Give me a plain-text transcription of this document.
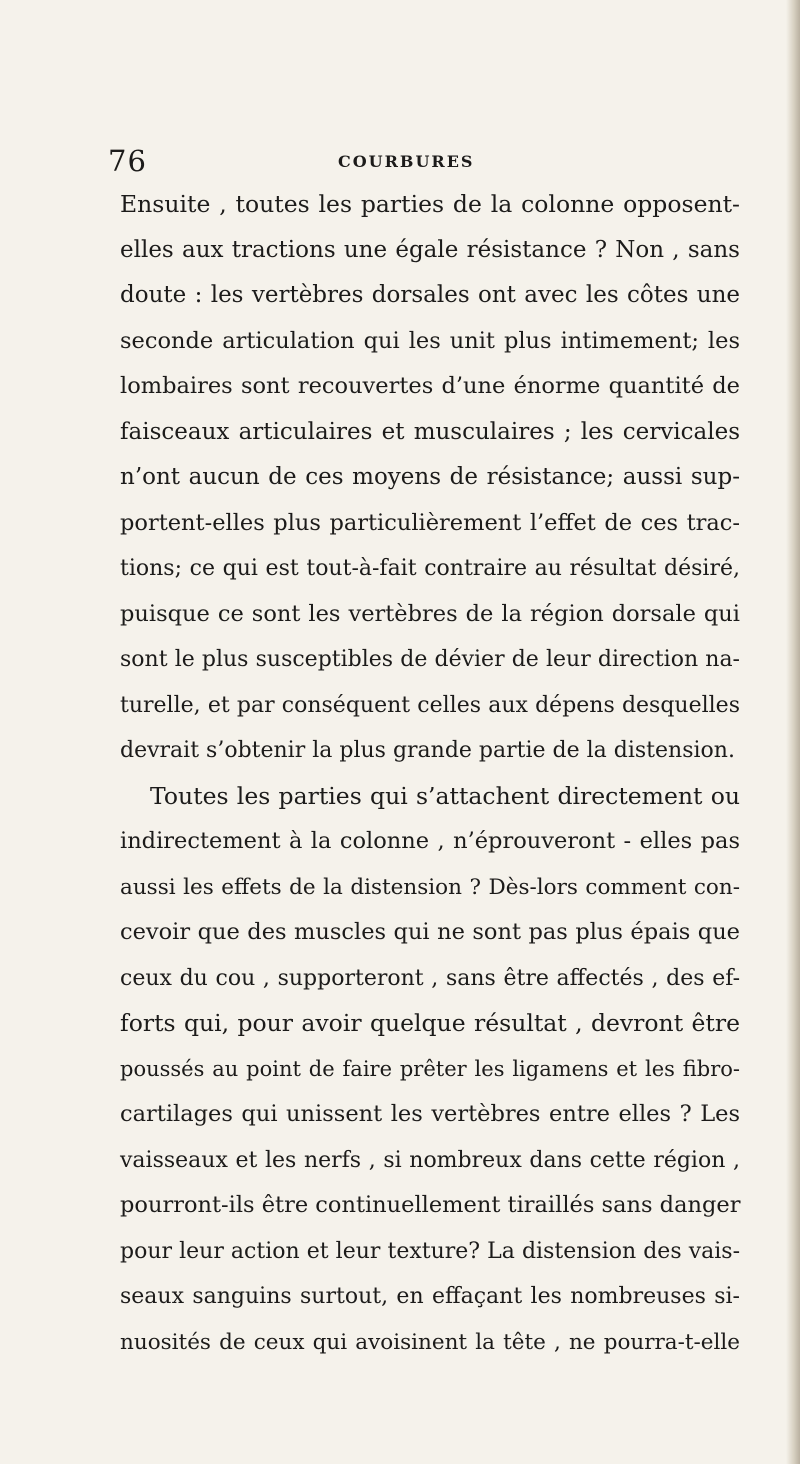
76	COURBURES
Ensuite , toutes les parties de la colonne opposent-
elles aux tractions une égale résistance ? Non , sans
doute : les vertèbres dorsales ont avec les côtes une
seconde articulation qui les unit plus intimement; les
lombaires sont recouvertes d’une énorme quantité de
faisceaux articulaires et musculaires ; les cervicales
n’ont aucun de ces moyens de résistance; aussi sup-
portent-elles plus particulièrement l’effet de ces trac-
tions; ce qui est tout-à-fait contraire au résultat désiré,
puisque ce sont les vertèbres de la région dorsale qui
sont le plus susceptibles de dévier de leur direction na-
turelle, et par conséquent celles aux dépens desquelles
devrait s’obtenir la plus grande partie de la distension.
Toutes les parties qui s’attachent directement ou
indirectement à la colonne , n’éprouveront - elles pas
aussi les effets de la distension ? Dès-lors comment con-
cevoir que des muscles qui ne sont pas plus épais que
ceux du cou , supporteront , sans être affectés , des ef-
forts qui, pour avoir quelque résultat , devront être
poussés au point de faire prêter les ligamens et les fibro-
cartilages qui unissent les vertèbres entre elles ? Les
vaisseaux et les nerfs , si nombreux dans cette région ,
pourront-ils être continuellement tiraillés sans danger
pour leur action et leur texture? La distension des vais-
seaux sanguins surtout, en effaçant les nombreuses si-
nuosités de ceux qui avoisinent la tête , ne pourra-t-elle
